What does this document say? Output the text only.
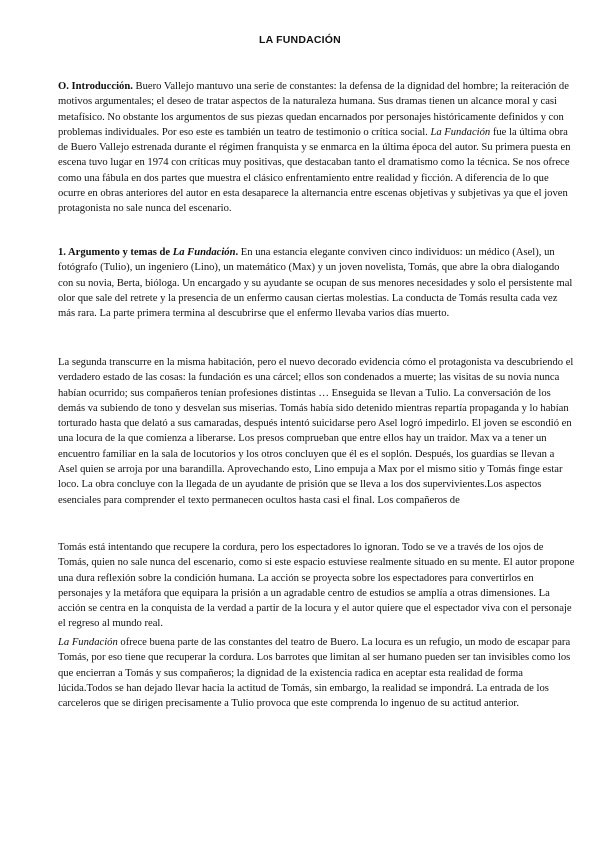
LA FUNDACIÓN

O. Introducción. Buero Vallejo mantuvo una serie de constantes: la defensa de la dignidad del hombre; la reiteración de motivos argumentales; el deseo de tratar aspectos de la naturaleza humana. Sus dramas tienen un alcance moral y casi metafísico. No obstante los argumentos de sus piezas quedan encarnados por personajes históricamente definidos y con problemas individuales. Por eso este es también un teatro de testimonio o crítica social. La Fundación fue la última obra de Buero Vallejo estrenada durante el régimen franquista y se enmarca en la última época del autor. Su primera puesta en escena tuvo lugar en 1974 con críticas muy positivas, que destacaban tanto el dramatismo como la técnica. Se nos ofrece como una fábula en dos partes que muestra el clásico enfrentamiento entre realidad y ficción. A diferencia de lo que ocurre en obras anteriores del autor en esta desaparece la alternancia entre escenas objetivas y subjetivas ya que el joven protagonista no sale nunca del escenario.

1. Argumento y temas de La Fundación. En una estancia elegante conviven cinco individuos: un médico (Asel), un fotógrafo (Tulio), un ingeniero (Lino), un matemático (Max) y un joven novelista, Tomás, que abre la obra dialogando con su novia, Berta, bióloga. Un encargado y su ayudante se ocupan de sus menores necesidades y solo el persistente mal olor que sale del retrete y la presencia de un enfermo causan ciertas molestias. La conducta de Tomás resulta cada vez más rara. La parte primera termina al descubrirse que el enfermo llevaba varios días muerto.

La segunda transcurre en la misma habitación, pero el nuevo decorado evidencia cómo el protagonista va descubriendo el verdadero estado de las cosas: la fundación es una cárcel; ellos son condenados a muerte; las visitas de su novia nunca habían ocurrido; sus compañeros tenían profesiones distintas … Enseguida se llevan a Tulio. La conversación de los demás va subiendo de tono y desvelan sus miserias. Tomás había sido detenido mientras repartía propaganda y lo habían torturado hasta que delató a sus camaradas, después intentó suicidarse pero Asel logró impedirlo. El joven se escondió en una locura de la que comienza a liberarse. Los presos comprueban que entre ellos hay un traidor. Max va a tener un encuentro familiar en la sala de locutorios y los otros concluyen que él es el soplón. Después, los guardias se llevan a Asel quien se arroja por una barandilla. Aprovechando esto, Lino empuja a Max por el mismo sitio y Tomás finge estar loco. La obra concluye con la llegada de un ayudante de prisión que se lleva a los dos supervivientes.Los aspectos esenciales para comprender el texto permanecen ocultos hasta casi el final. Los compañeros de

Tomás está intentando que recupere la cordura, pero los espectadores lo ignoran. Todo se ve a través de los ojos de Tomás, quien no sale nunca del escenario, como si este espacio estuviese realmente situado en su mente. El autor propone una dura reflexión sobre la condición humana. La acción se proyecta sobre los espectadores para convertirlos en personajes y la metáfora que equipara la prisión a un agradable centro de estudios se amplía a otras dimensiones. La acción se centra en la conquista de la verdad a partir de la locura y el autor quiere que el espectador viva con el personaje el regreso al mundo real.

La Fundación ofrece buena parte de las constantes del teatro de Buero. La locura es un refugio, un modo de escapar para Tomás, por eso tiene que recuperar la cordura. Los barrotes que limitan al ser humano pueden ser tan invisibles como los que encierran a Tomás y sus compañeros; la dignidad de la existencia radica en aceptar esta realidad de forma lúcida.Todos se han dejado llevar hacia la actitud de Tomás, sin embargo, la realidad se impondrá. La entrada de los carceleros que se dirigen precisamente a Tulio provoca que este comprenda lo ingenuo de su actitud anterior.
